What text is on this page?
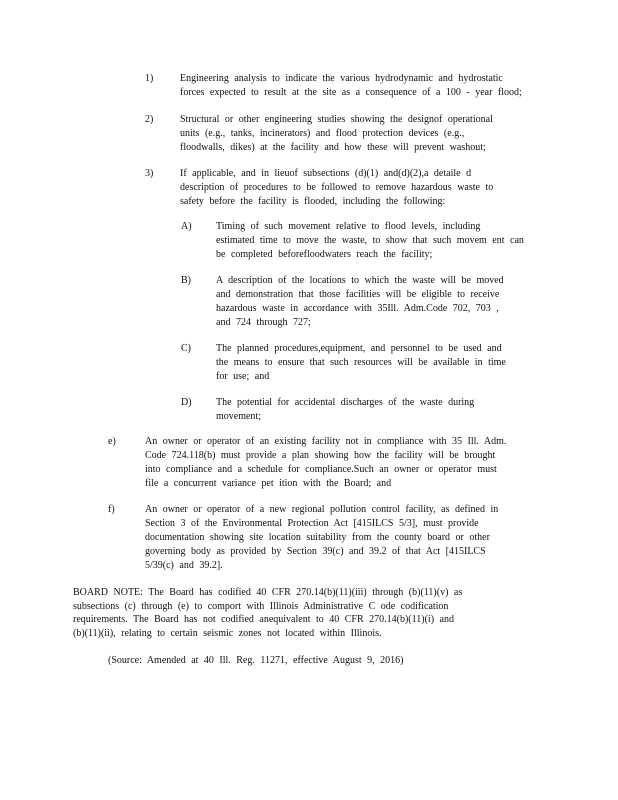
1)	Engineering analysis to indicate the various hydrodynamic and hydrostatic
forces expected to result at the site as a consequence of a 100 - year flood;
2)	Structural or other engineering studies showing the designof operational
units (e.g., tanks, incinerators) and flood protection devices (e.g.,
floodwalls, dikes) at the facility and how these will prevent washout;
3)	If applicable, and in lieuof subsections (d)(1) and(d)(2),a detaile d
description of procedures to be followed to remove hazardous waste to
safety before the facility is flooded, including the following:
A) Timing of such movement relative to flood levels, including
estimated time to move the waste, to show that such movem ent can
be completed beforefloodwaters reach the facility;
B)	A description of the locations to which the waste will be moved
and demonstration that those facilities will be eligible to receive
hazardous waste in accordance with 35Ill. Adm.Code 702, 703 ,
and 724 through 727;
C)	The planned procedures,equipment, and personnel to be used and
the means to ensure that such resources will be available in time
for use; and
D) The potential for accidental discharges of the waste during
movement;
e)	An owner or operator of an existing facility not in compliance with 35 Ill. Adm.
Code 724.118(b) must provide a plan showing how the facility will be brought
into compliance and a schedule for compliance.Such an owner or operator must
file a concurrent variance pet ition with the Board; and
f)	An owner or operator of a new regional pollution control facility, as defined in
Section 3 of the Environmental Protection Act [415ILCS 5/3], must provide
documentation showing site location suitability from the county board or other
governing body as provided by Section 39(c) and 39.2 of that Act [415ILCS
5/39(c) and 39.2].
BOARD NOTE: The Board has codified 40 CFR 270.14(b)(11)(iii) through (b)(11)(v) as
subsections (c) through (e) to comport with Illinois Administrative C ode codification
requirements. The Board has not codified anequivalent to 40 CFR 270.14(b)(11)(i) and
(b)(11)(ii), relating to certain seismic zones not located within Illinois.
(Source: Amended at 40 Ill. Reg. 11271, effective August 9, 2016)
